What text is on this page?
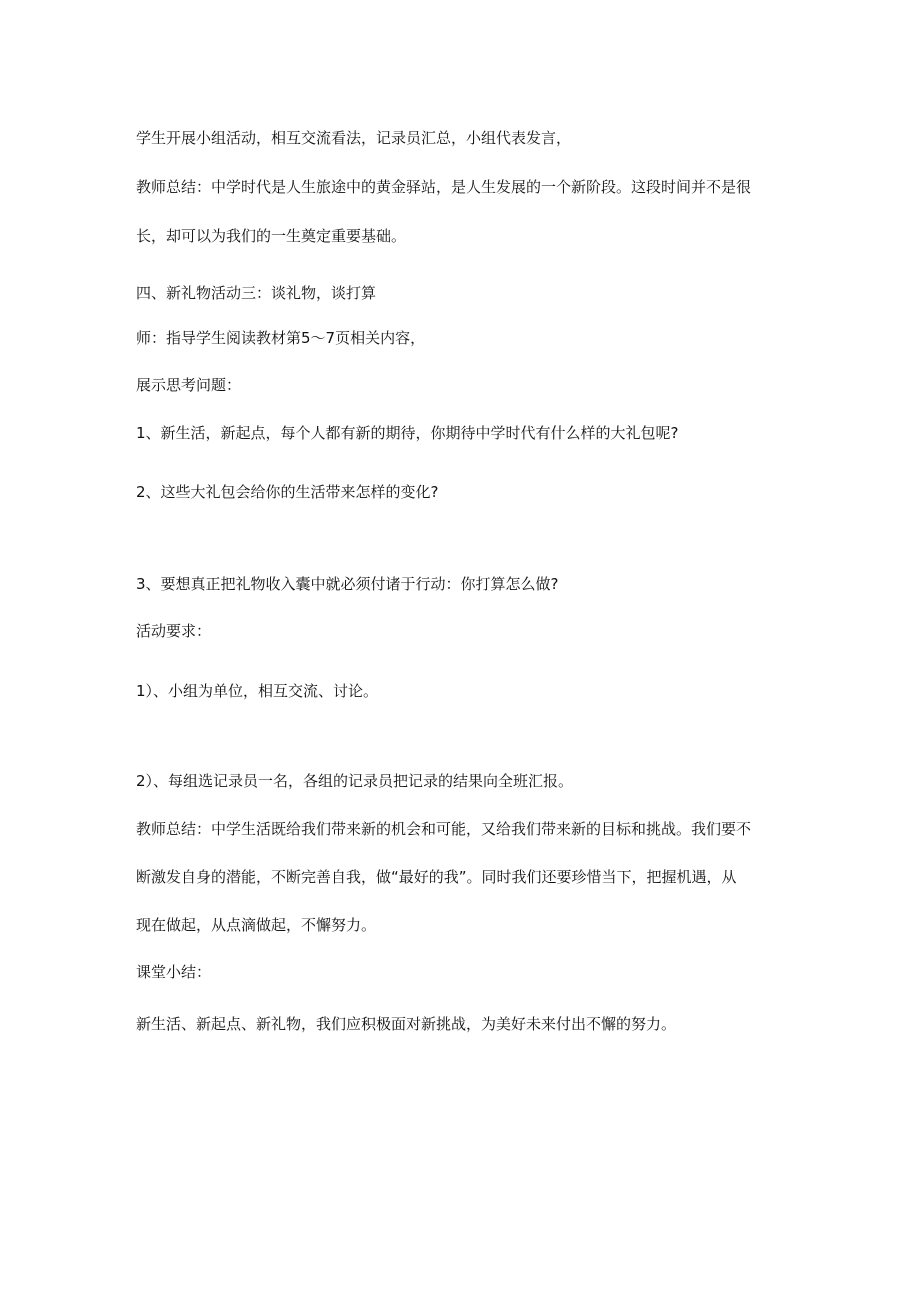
学生开展小组活动，相互交流看法，记录员汇总，小组代表发言，

教师总结：中学时代是人生旅途中的黄金驿站，是人生发展的一个新阶段。这段时间并不是很

长，却可以为我们的一生奠定重要基础。

四、新礼物活动三：谈礼物，谈打算

师：指导学生阅读教材第5～7页相关内容，

展示思考问题：

1、新生活，新起点，每个人都有新的期待，你期待中学时代有什么样的大礼包呢?

2、这些大礼包会给你的生活带来怎样的变化?

3、要想真正把礼物收入囊中就必须付诸于行动：你打算怎么做?

活动要求：

1）、小组为单位，相互交流、讨论。

2）、每组选记录员一名，各组的记录员把记录的结果向全班汇报。

教师总结：中学生活既给我们带来新的机会和可能，又给我们带来新的目标和挑战。我们要不

断激发自身的潜能，不断完善自我，做“最好的我”。同时我们还要珍惜当下，把握机遇，从

现在做起，从点滴做起，不懈努力。

课堂小结：

新生活、新起点、新礼物，我们应积极面对新挑战，为美好未来付出不懈的努力。
